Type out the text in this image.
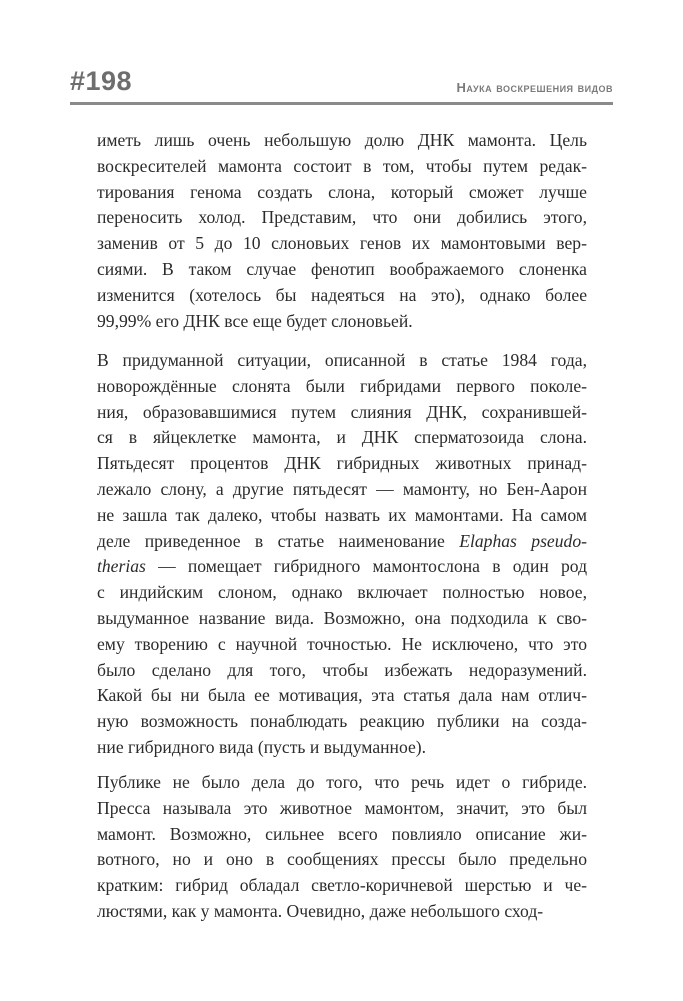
#198	Наука воскрешения видов
иметь лишь очень небольшую долю ДНК мамонта. Цель
воскресителей мамонта состоит в том, чтобы путем редак-
тирования генома создать слона, который сможет лучше
переносить холод. Представим, что они добились этого,
заменив от 5 до 10 слоновьих генов их мамонтовыми вер-
сиями. В таком случае фенотип воображаемого слоненка
изменится (хотелось бы надеяться на это), однако более
99,99% его ДНК все еще будет слоновьей.
В придуманной ситуации, описанной в статье 1984 года,
новорождённые слонята были гибридами первого поколе-
ния, образовавшимися путем слияния ДНК, сохранившей-
ся в яйцеклетке мамонта, и ДНК сперматозоида слона.
Пятьдесят процентов ДНК гибридных животных принад-
лежало слону, а другие пятьдесят — мамонту, но Бен-Аарон
не зашла так далеко, чтобы назвать их мамонтами. На самом
деле приведенное в статье наименование Elaphas pseudo-
therias — помещает гибридного мамонтослона в один род
с индийским слоном, однако включает полностью новое,
выдуманное название вида. Возможно, она подходила к сво-
ему творению с научной точностью. Не исключено, что это
было сделано для того, чтобы избежать недоразумений.
Какой бы ни была ее мотивация, эта статья дала нам отлич-
ную возможность понаблюдать реакцию публики на созда-
ние гибридного вида (пусть и выдуманное).
Публике не было дела до того, что речь идет о гибриде.
Пресса называла это животное мамонтом, значит, это был
мамонт. Возможно, сильнее всего повлияло описание жи-
вотного, но и оно в сообщениях прессы было предельно
кратким: гибрид обладал светло-коричневой шерстью и че-
люстями, как у мамонта. Очевидно, даже небольшого сход-
